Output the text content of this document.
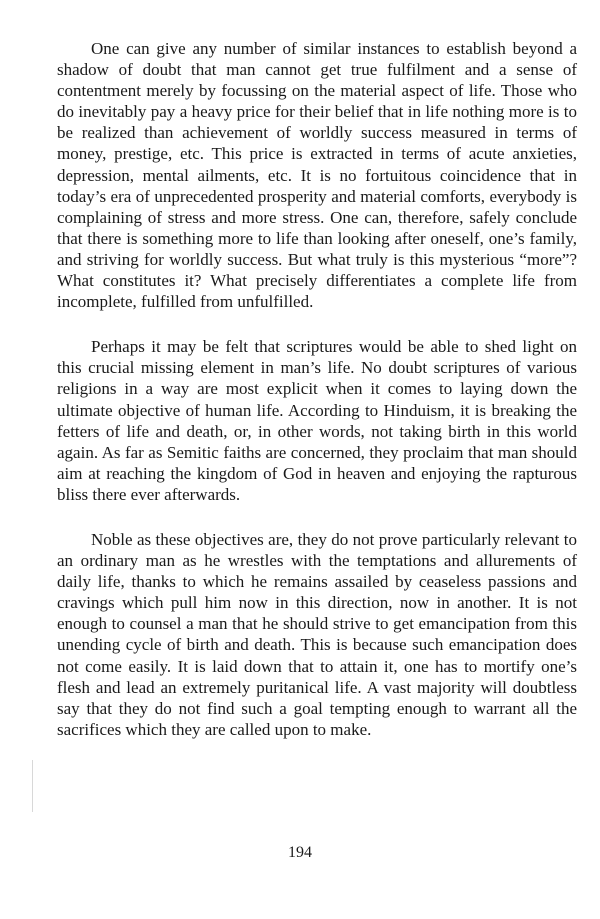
One can give any number of similar instances to establish beyond a shadow of doubt that man cannot get true fulfilment and a sense of contentment merely by focussing on the material aspect of life. Those who do inevitably pay a heavy price for their belief that in life nothing more is to be realized than achievement of worldly success measured in terms of money, prestige, etc. This price is extracted in terms of acute anxieties, depression, mental ailments, etc. It is no fortuitous coincidence that in today’s era of unprecedented prosperity and material comforts, everybody is complaining of stress and more stress. One can, therefore, safely conclude that there is something more to life than looking after oneself, one’s family, and striving for worldly success. But what truly is this mysterious “more”? What constitutes it? What precisely differentiates a complete life from incomplete, fulfilled from unfulfilled.

Perhaps it may be felt that scriptures would be able to shed light on this crucial missing element in man’s life. No doubt scriptures of various religions in a way are most explicit when it comes to laying down the ultimate objective of human life. According to Hinduism, it is breaking the fetters of life and death, or, in other words, not taking birth in this world again. As far as Semitic faiths are concerned, they proclaim that man should aim at reaching the kingdom of God in heaven and enjoying the rapturous bliss there ever afterwards.

Noble as these objectives are, they do not prove particularly relevant to an ordinary man as he wrestles with the temptations and allurements of daily life, thanks to which he remains assailed by ceaseless passions and cravings which pull him now in this direction, now in another. It is not enough to counsel a man that he should strive to get emancipation from this unending cycle of birth and death. This is because such emancipation does not come easily. It is laid down that to attain it, one has to mortify one’s flesh and lead an extremely puritanical life. A vast majority will doubtless say that they do not find such a goal tempting enough to warrant all the sacrifices which they are called upon to make.

194
